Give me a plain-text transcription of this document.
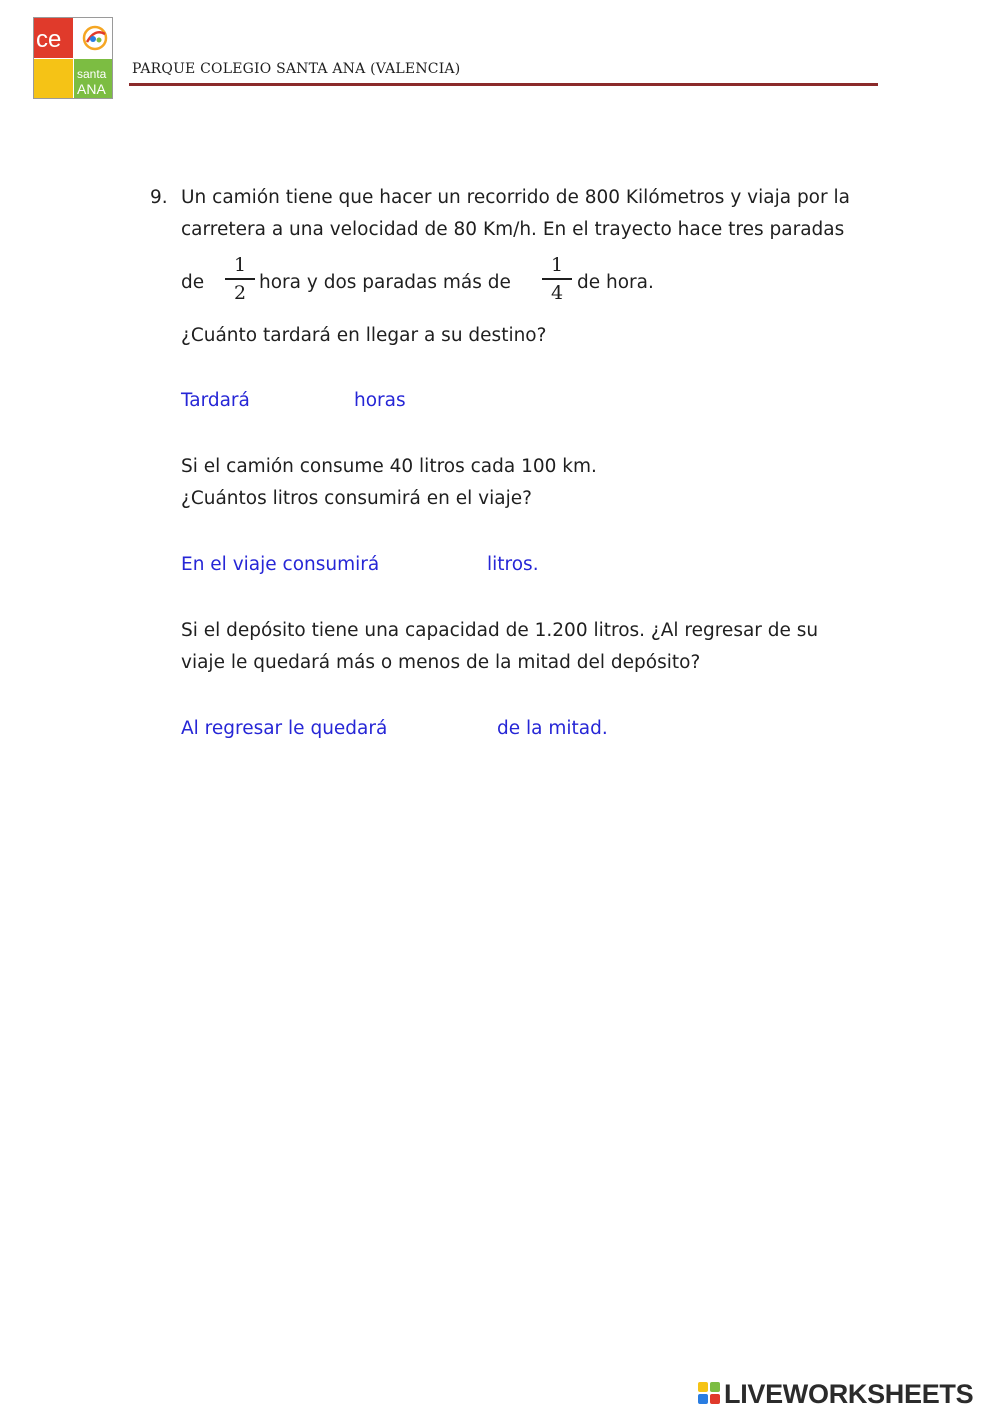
ce
santa
ANA
PARQUE COLEGIO SANTA ANA (VALENCIA)
9. Un camión tiene que hacer un recorrido de 800 Kilómetros y viaja por la
carretera a una velocidad de 80 Km/h. En el trayecto hace tres paradas
de
1
2 hora y dos paradas más de
1
4 de hora.
¿Cuánto tardará en llegar a su destino?
Tardará	horas
Si el camión consume 40 litros cada 100 km.
¿Cuántos litros consumirá en el viaje?
En el viaje consumirá	litros.
Si el depósito tiene una capacidad de 1.200 litros. ¿Al regresar de su
viaje le quedará más o menos de la mitad del depósito?
Al regresar le quedará	de la mitad.
LIVEWORKSHEETS
